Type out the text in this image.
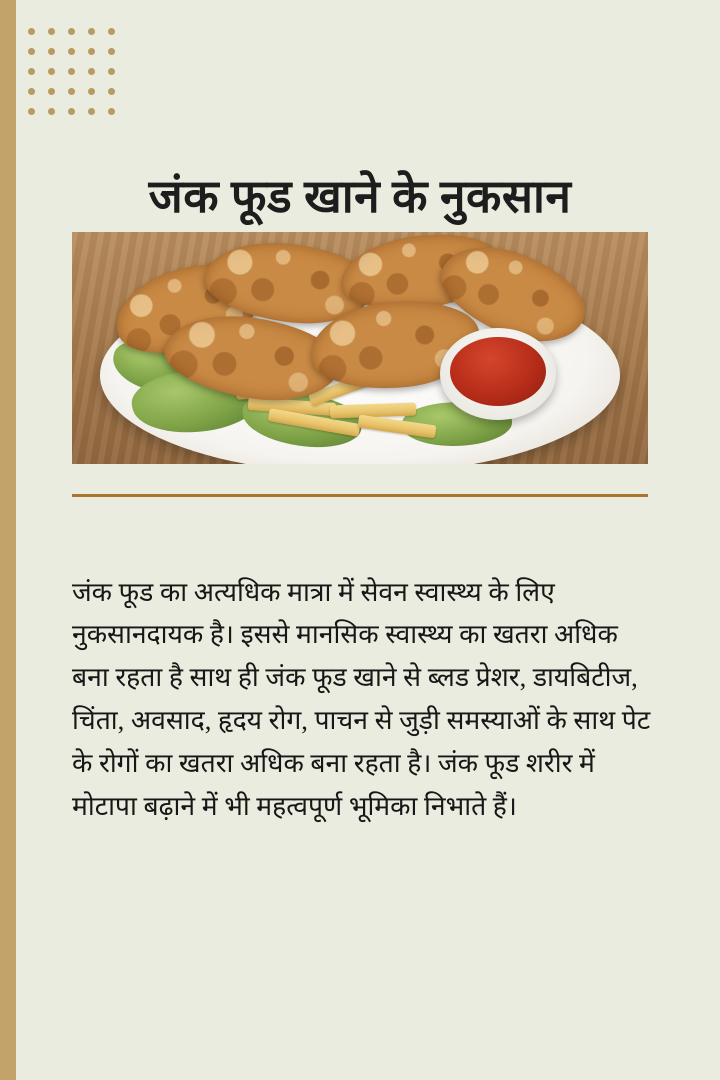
जंक फूड खाने के नुकसान

जंक फूड का अत्यधिक मात्रा में सेवन स्वास्थ्य के लिए नुकसानदायक है। इससे मानसिक स्वास्थ्य का खतरा अधिक बना रहता है साथ ही जंक फूड खाने से ब्लड प्रेशर, डायबिटीज, चिंता, अवसाद, हृदय रोग, पाचन से जुड़ी समस्याओं के साथ पेट के रोगों का खतरा अधिक बना रहता है। जंक फूड शरीर में मोटापा बढ़ाने में भी महत्वपूर्ण भूमिका निभाते हैं।
